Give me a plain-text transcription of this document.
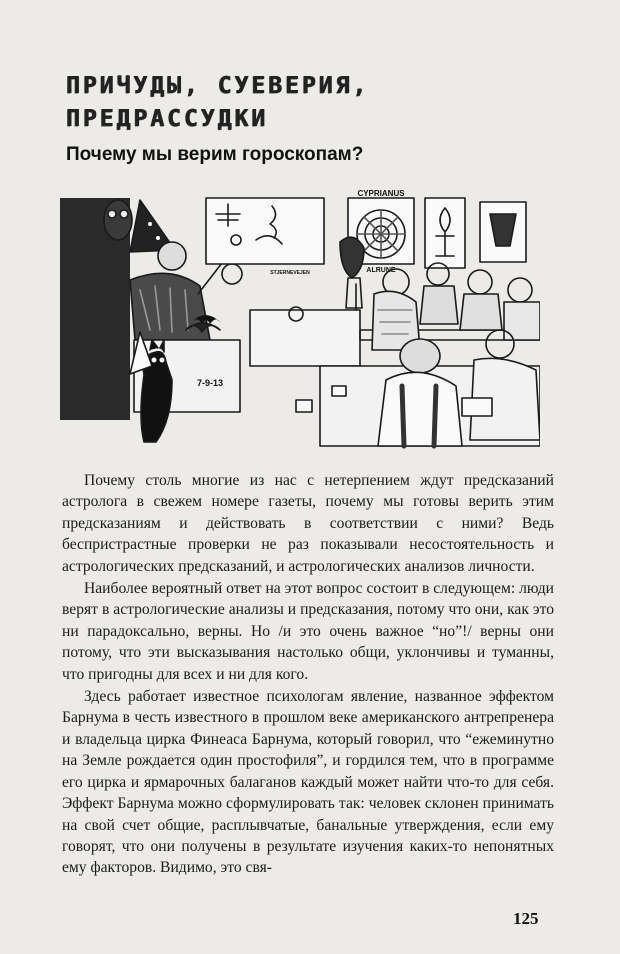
ПРИЧУДЫ, СУЕВЕРИЯ,
ПРЕДРАССУДКИ
Почему мы верим гороскопам?
CYPRIANUS
ALRUNE
STJERNEVEJEN
7-9-13

Почему столь многие из нас с нетерпением ждут предсказаний астролога в свежем номере газеты, почему мы готовы верить этим предсказаниям и действовать в соответствии с ними? Ведь беспристрастные проверки не раз показывали несостоятельность и астрологических предсказаний, и астрологических анализов личности.

Наиболее вероятный ответ на этот вопрос состоит в следующем: люди верят в астрологические анализы и предсказания, потому что они, как это ни парадоксально, верны. Но /и это очень важное “но”!/ верны они потому, что эти высказывания настолько общи, уклончивы и туманны, что пригодны для всех и ни для кого.

Здесь работает известное психологам явление, названное эффектом Барнума в честь известного в прошлом веке американского антрепренера и владельца цирка Финеаса Барнума, который говорил, что “ежеминутно на Земле рождается один простофиля”, и гордился тем, что в программе его цирка и ярмарочных балаганов каждый может найти что-то для себя. Эффект Барнума можно сформулировать так: человек склонен принимать на свой счет общие, расплывчатые, банальные утверждения, если ему говорят, что они получены в результате изучения каких-то непонятных ему факторов. Видимо, это свя-

125
